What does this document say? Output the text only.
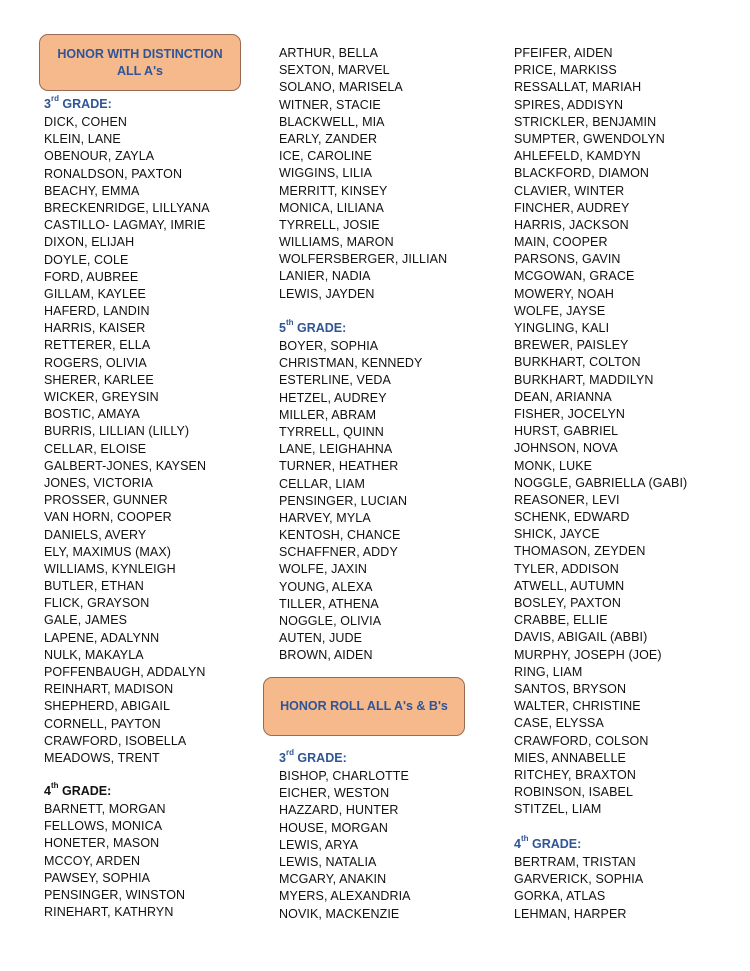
HONOR WITH DISTINCTION
ALL A's
3rd GRADE:
DICK, COHEN
KLEIN, LANE
OBENOUR, ZAYLA
RONALDSON, PAXTON
BEACHY, EMMA
BRECKENRIDGE, LILLYANA
CASTILLO- LAGMAY, IMRIE
DIXON, ELIJAH
DOYLE, COLE
FORD, AUBREE
GILLAM, KAYLEE
HAFERD, LANDIN
HARRIS, KAISER
RETTERER, ELLA
ROGERS, OLIVIA
SHERER, KARLEE
WICKER, GREYSIN
BOSTIC, AMAYA
BURRIS, LILLIAN (LILLY)
CELLAR, ELOISE
GALBERT-JONES, KAYSEN
JONES, VICTORIA
PROSSER, GUNNER
VAN HORN, COOPER
DANIELS, AVERY
ELY, MAXIMUS (MAX)
WILLIAMS, KYNLEIGH
BUTLER, ETHAN
FLICK, GRAYSON
GALE, JAMES
LAPENE, ADALYNN
NULK, MAKAYLA
POFFENBAUGH, ADDALYN
REINHART, MADISON
SHEPHERD, ABIGAIL
CORNELL, PAYTON
CRAWFORD, ISOBELLA
MEADOWS, TRENT
4th GRADE:
BARNETT, MORGAN
FELLOWS, MONICA
HONETER, MASON
MCCOY, ARDEN
PAWSEY, SOPHIA
PENSINGER, WINSTON
RINEHART, KATHRYN
ARTHUR, BELLA
SEXTON, MARVEL
SOLANO, MARISELA
WITNER, STACIE
BLACKWELL, MIA
EARLY, ZANDER
ICE, CAROLINE
WIGGINS, LILIA
MERRITT, KINSEY
MONICA, LILIANA
TYRRELL, JOSIE
WILLIAMS, MARON
WOLFERSBERGER, JILLIAN
LANIER, NADIA
LEWIS, JAYDEN
5th GRADE:
BOYER, SOPHIA
CHRISTMAN, KENNEDY
ESTERLINE, VEDA
HETZEL, AUDREY
MILLER, ABRAM
TYRRELL, QUINN
LANE, LEIGHAHNA
TURNER, HEATHER
CELLAR, LIAM
PENSINGER, LUCIAN
HARVEY, MYLA
KENTOSH, CHANCE
SCHAFFNER, ADDY
WOLFE, JAXIN
YOUNG, ALEXA
TILLER, ATHENA
NOGGLE, OLIVIA
AUTEN, JUDE
BROWN, AIDEN
HONOR ROLL ALL A's & B's
3rd GRADE:
BISHOP, CHARLOTTE
EICHER, WESTON
HAZZARD, HUNTER
HOUSE, MORGAN
LEWIS, ARYA
LEWIS, NATALIA
MCGARY, ANAKIN
MYERS, ALEXANDRIA
NOVIK, MACKENZIE
PFEIFER, AIDEN
PRICE, MARKISS
RESSALLAT, MARIAH
SPIRES, ADDISYN
STRICKLER, BENJAMIN
SUMPTER, GWENDOLYN
AHLEFELD, KAMDYN
BLACKFORD, DIAMON
CLAVIER, WINTER
FINCHER, AUDREY
HARRIS, JACKSON
MAIN, COOPER
PARSONS, GAVIN
MCGOWAN, GRACE
MOWERY, NOAH
WOLFE, JAYSE
YINGLING, KALI
BREWER, PAISLEY
BURKHART, COLTON
BURKHART, MADDILYN
DEAN, ARIANNA
FISHER, JOCELYN
HURST, GABRIEL
JOHNSON, NOVA
MONK, LUKE
NOGGLE, GABRIELLA (GABI)
REASONER, LEVI
SCHENK, EDWARD
SHICK, JAYCE
THOMASON, ZEYDEN
TYLER, ADDISON
ATWELL, AUTUMN
BOSLEY, PAXTON
CRABBE, ELLIE
DAVIS, ABIGAIL (ABBI)
MURPHY, JOSEPH (JOE)
RING, LIAM
SANTOS, BRYSON
WALTER, CHRISTINE
CASE, ELYSSA
CRAWFORD, COLSON
MIES, ANNABELLE
RITCHEY, BRAXTON
ROBINSON, ISABEL
STITZEL, LIAM
4th GRADE:
BERTRAM, TRISTAN
GARVERICK, SOPHIA
GORKA, ATLAS
LEHMAN, HARPER
